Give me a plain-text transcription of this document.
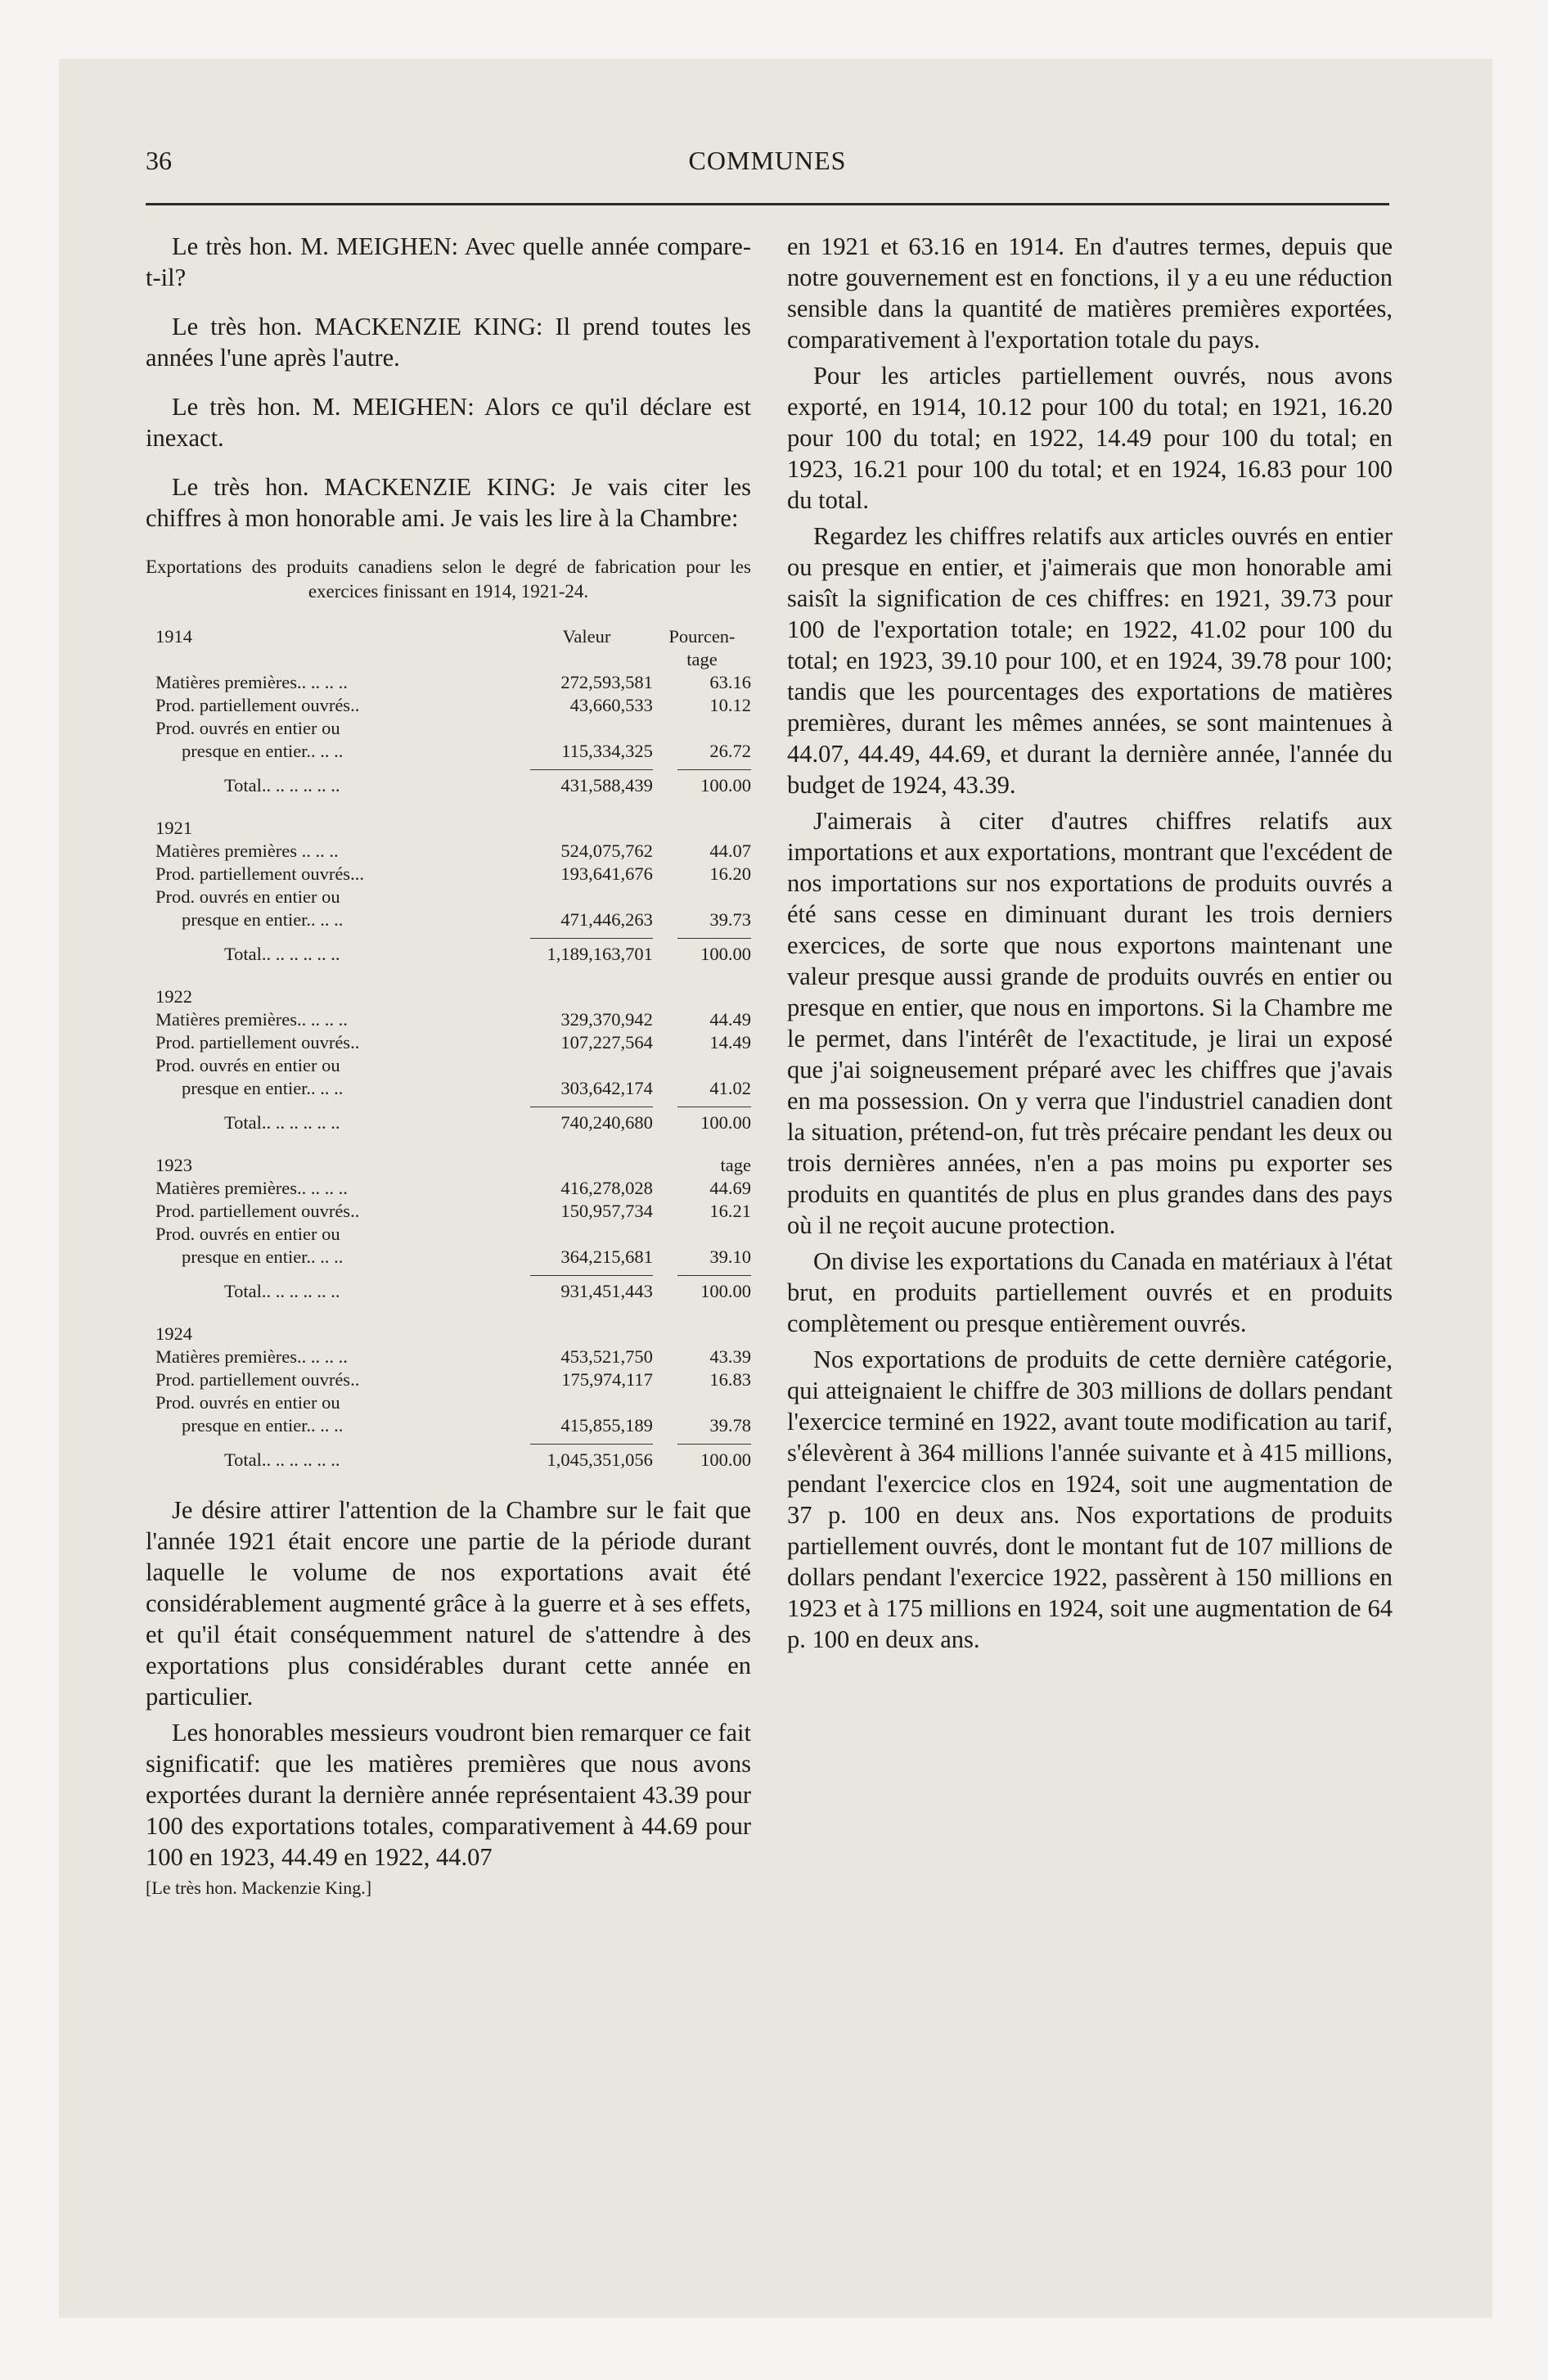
36	COMMUNES

Le très hon. M. MEIGHEN: Avec quelle année compare-t-il?

Le très hon. MACKENZIE KING: Il prend toutes les années l'une après l'autre.

Le très hon. M. MEIGHEN: Alors ce qu'il déclare est inexact.

Le très hon. MACKENZIE KING: Je vais citer les chiffres à mon honorable ami. Je vais les lire à la Chambre:

Exportations des produits canadiens selon le degré de fabrication pour les exercices finissant en 1914, 1921-24.
1914	Valeur	Pourcen-
		tage
Matières premières.. .. .. ..	272,593,581	63.16
Prod. partiellement ouvrés..	43,660,533	10.12
Prod. ouvrés en entier ou		
presque en entier.. .. ..	115,334,325	26.72
Total.. .. .. .. .. ..	431,588,439	100.00
1921		
Matières premières .. .. ..	524,075,762	44.07
Prod. partiellement ouvrés...	193,641,676	16.20
Prod. ouvrés en entier ou		
presque en entier.. .. ..	471,446,263	39.73
Total.. .. .. .. .. ..	1,189,163,701	100.00
1922		
Matières premières.. .. .. ..	329,370,942	44.49
Prod. partiellement ouvrés..	107,227,564	14.49
Prod. ouvrés en entier ou		
presque en entier.. .. ..	303,642,174	41.02
Total.. .. .. .. .. ..	740,240,680	100.00
1923		tage
Matières premières.. .. .. ..	416,278,028	44.69
Prod. partiellement ouvrés..	150,957,734	16.21
Prod. ouvrés en entier ou		
presque en entier.. .. ..	364,215,681	39.10
Total.. .. .. .. .. ..	931,451,443	100.00
1924		
Matières premières.. .. .. ..	453,521,750	43.39
Prod. partiellement ouvrés..	175,974,117	16.83
Prod. ouvrés en entier ou		
presque en entier.. .. ..	415,855,189	39.78
Total.. .. .. .. .. ..	1,045,351,056	100.00

Je désire attirer l'attention de la Chambre sur le fait que l'année 1921 était encore une partie de la période durant laquelle le volume de nos exportations avait été considérablement augmenté grâce à la guerre et à ses effets, et qu'il était conséquemment naturel de s'attendre à des exportations plus considérables durant cette année en particulier.

Les honorables messieurs voudront bien remarquer ce fait significatif: que les matières premières que nous avons exportées durant la dernière année représentaient 43.39 pour 100 des exportations totales, comparativement à 44.69 pour 100 en 1923, 44.49 en 1922, 44.07

[Le très hon. Mackenzie King.]

en 1921 et 63.16 en 1914. En d'autres termes, depuis que notre gouvernement est en fonctions, il y a eu une réduction sensible dans la quantité de matières premières exportées, comparativement à l'exportation totale du pays.

Pour les articles partiellement ouvrés, nous avons exporté, en 1914, 10.12 pour 100 du total; en 1921, 16.20 pour 100 du total; en 1922, 14.49 pour 100 du total; en 1923, 16.21 pour 100 du total; et en 1924, 16.83 pour 100 du total.

Regardez les chiffres relatifs aux articles ouvrés en entier ou presque en entier, et j'aimerais que mon honorable ami saisît la signification de ces chiffres: en 1921, 39.73 pour 100 de l'exportation totale; en 1922, 41.02 pour 100 du total; en 1923, 39.10 pour 100, et en 1924, 39.78 pour 100; tandis que les pourcentages des exportations de matières premières, durant les mêmes années, se sont maintenues à 44.07, 44.49, 44.69, et durant la dernière année, l'année du budget de 1924, 43.39.

J'aimerais à citer d'autres chiffres relatifs aux importations et aux exportations, montrant que l'excédent de nos importations sur nos exportations de produits ouvrés a été sans cesse en diminuant durant les trois derniers exercices, de sorte que nous exportons maintenant une valeur presque aussi grande de produits ouvrés en entier ou presque en entier, que nous en importons. Si la Chambre me le permet, dans l'intérêt de l'exactitude, je lirai un exposé que j'ai soigneusement préparé avec les chiffres que j'avais en ma possession. On y verra que l'industriel canadien dont la situation, prétend-on, fut très précaire pendant les deux ou trois dernières années, n'en a pas moins pu exporter ses produits en quantités de plus en plus grandes dans des pays où il ne reçoit aucune protection.

On divise les exportations du Canada en matériaux à l'état brut, en produits partiellement ouvrés et en produits complètement ou presque entièrement ouvrés.

Nos exportations de produits de cette dernière catégorie, qui atteignaient le chiffre de 303 millions de dollars pendant l'exercice terminé en 1922, avant toute modification au tarif, s'élevèrent à 364 millions l'année suivante et à 415 millions, pendant l'exercice clos en 1924, soit une augmentation de 37 p. 100 en deux ans. Nos exportations de produits partiellement ouvrés, dont le montant fut de 107 millions de dollars pendant l'exercice 1922, passèrent à 150 millions en 1923 et à 175 millions en 1924, soit une augmentation de 64 p. 100 en deux ans.
